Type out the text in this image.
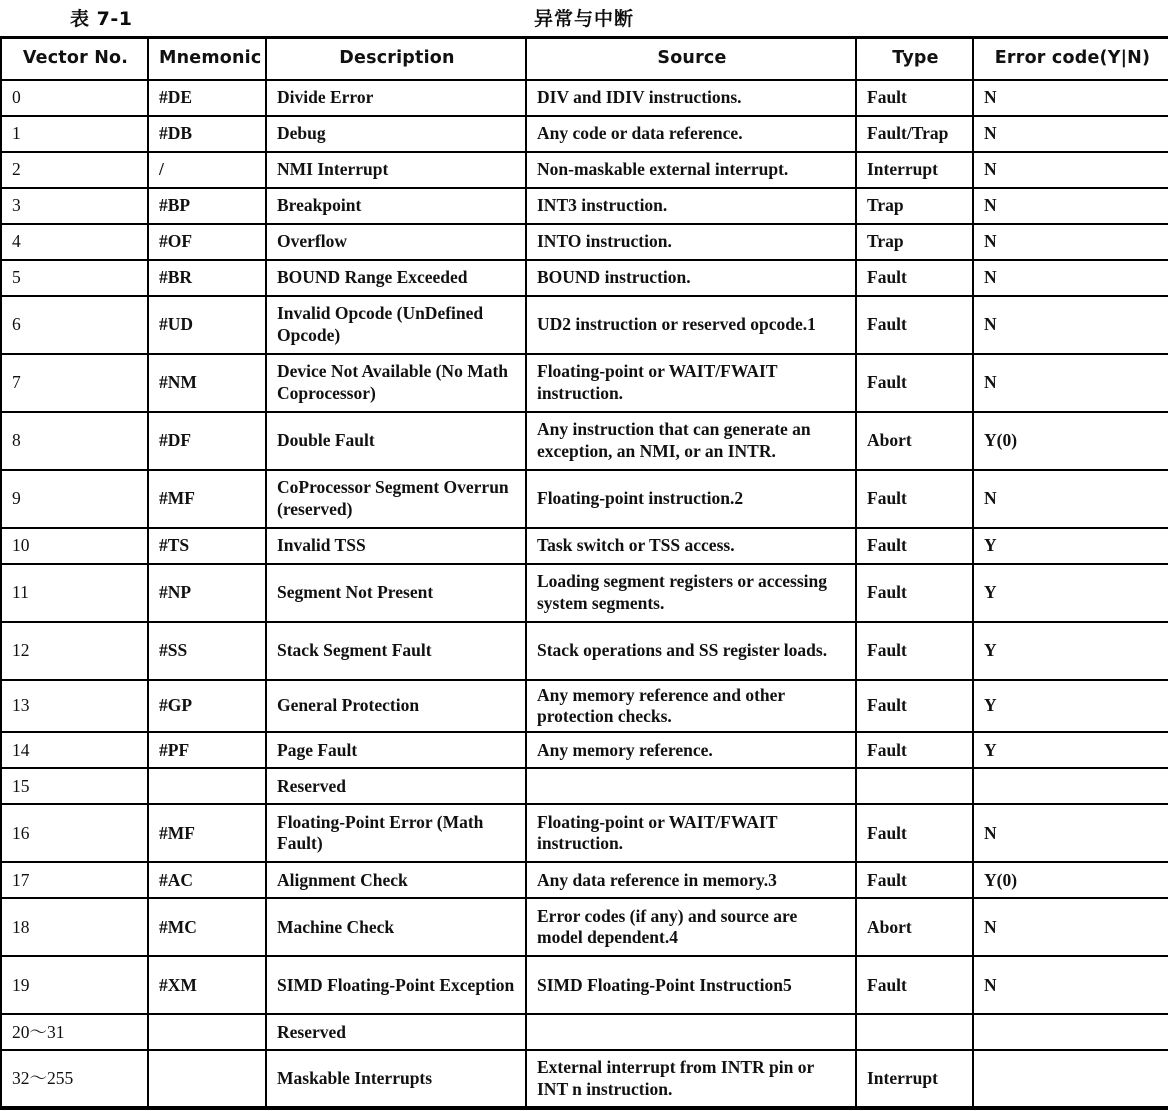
表 7-1	异常与中断
Vector No.	Mnemonic	Description	Source	Type	Error code(Y|N)
0	#DE	Divide Error	DIV and IDIV instructions.	Fault	N
1	#DB	Debug	Any code or data reference.	Fault/Trap	N
2	/	NMI Interrupt	Non-maskable external interrupt.	Interrupt	N
3	#BP	Breakpoint	INT3 instruction.	Trap	N
4	#OF	Overflow	INTO instruction.	Trap	N
5	#BR	BOUND Range Exceeded	BOUND instruction.	Fault	N
6	#UD	Invalid Opcode (UnDefined Opcode)	UD2 instruction or reserved opcode.1	Fault	N
7	#NM	Device Not Available (No Math Coprocessor)	Floating-point or WAIT/FWAIT instruction.	Fault	N
8	#DF	Double Fault	Any instruction that can generate an exception, an NMI, or an INTR.	Abort	Y(0)
9	#MF	CoProcessor Segment Overrun (reserved)	Floating-point instruction.2	Fault	N
10	#TS	Invalid TSS	Task switch or TSS access.	Fault	Y
11	#NP	Segment Not Present	Loading segment registers or accessing system segments.	Fault	Y
12	#SS	Stack Segment Fault	Stack operations and SS register loads.	Fault	Y
13	#GP	General Protection	Any memory reference and other protection checks.	Fault	Y
14	#PF	Page Fault	Any memory reference.	Fault	Y
15		Reserved			
16	#MF	Floating-Point Error (Math Fault)	Floating-point or WAIT/FWAIT instruction.	Fault	N
17	#AC	Alignment Check	Any data reference in memory.3	Fault	Y(0)
18	#MC	Machine Check	Error codes (if any) and source are model dependent.4	Abort	N
19	#XM	SIMD Floating-Point Exception	SIMD Floating-Point Instruction5	Fault	N
20～31		Reserved			
32～255		Maskable Interrupts	External interrupt from INTR pin or INT n instruction.	Interrupt	
